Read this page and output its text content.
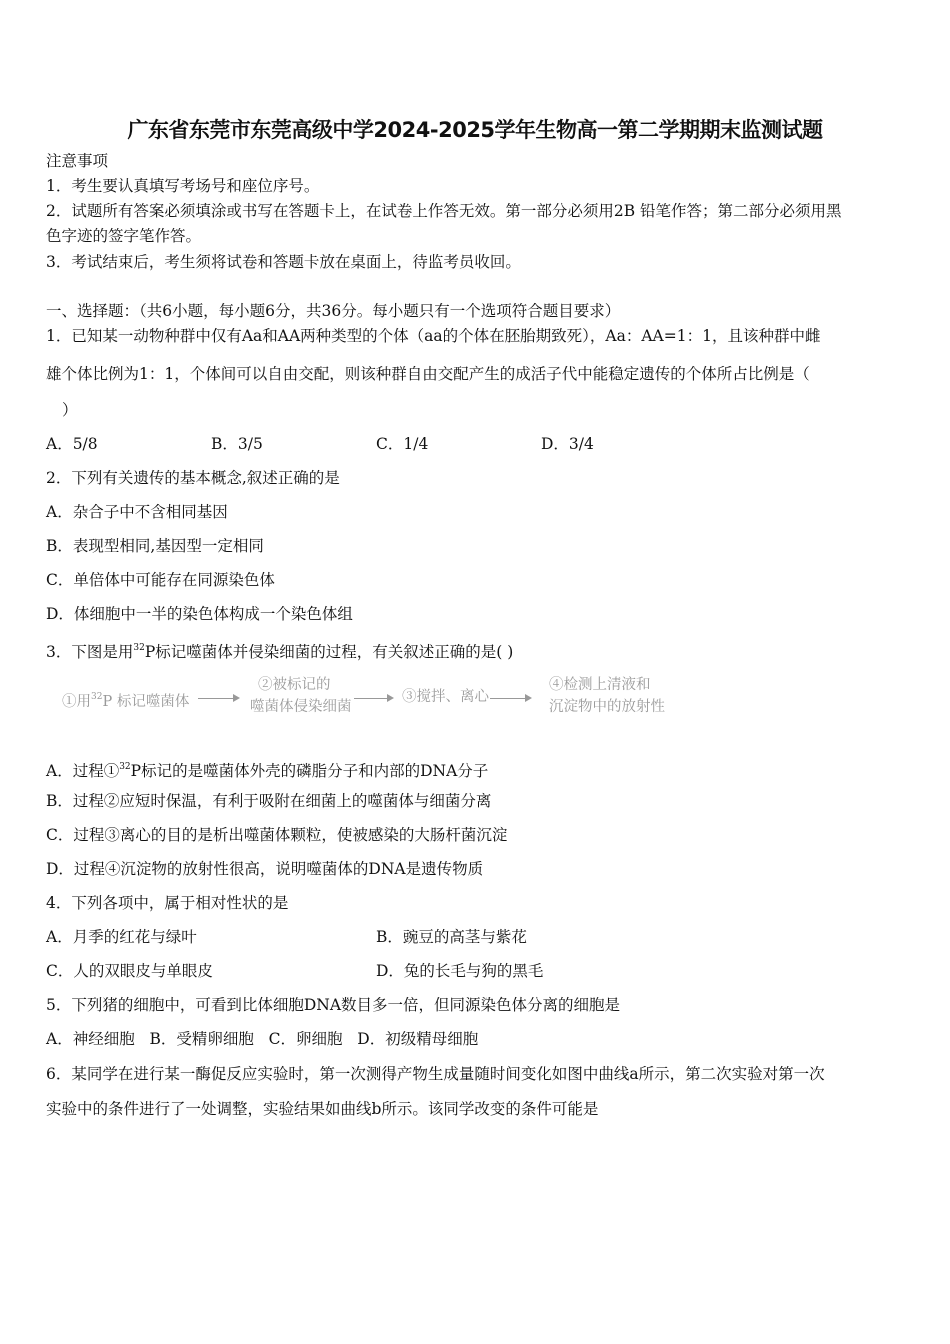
广东省东莞市东莞高级中学2024-2025学年生物高一第二学期期末监测试题
注意事项
1．考生要认真填写考场号和座位序号。
2．试题所有答案必须填涂或书写在答题卡上，在试卷上作答无效。第一部分必须用2B 铅笔作答；第二部分必须用黑
色字迹的签字笔作答。
3．考试结束后，考生须将试卷和答题卡放在桌面上，待监考员收回。
一、选择题：（共6小题，每小题6分，共36分。每小题只有一个选项符合题目要求）
1．已知某一动物种群中仅有Aa和AA两种类型的个体（aa的个体在胚胎期致死），Aa：AA=1：1，且该种群中雌
雄个体比例为1：1，个体间可以自由交配，则该种群自由交配产生的成活子代中能稳定遗传的个体所占比例是（
）
A．5/8	B．3/5	C．1/4	D．3/4
2．下列有关遗传的基本概念,叙述正确的是
A．杂合子中不含相同基因
B．表现型相同,基因型一定相同
C．单倍体中可能存在同源染色体
D．体细胞中一半的染色体构成一个染色体组
3．下图是用$^{32}$P标记噬菌体并侵染细菌的过程，有关叙述正确的是( )
①用$^{32}$P 标记噬菌体
②被标记的
噬菌体侵染细菌
③搅拌、离心
④检测上清液和
沉淀物中的放射性
A．过程①$^{32}$P标记的是噬菌体外壳的磷脂分子和内部的DNA分子
B．过程②应短时保温，有利于吸附在细菌上的噬菌体与细菌分离
C．过程③离心的目的是析出噬菌体颗粒，使被感染的大肠杆菌沉淀
D．过程④沉淀物的放射性很高，说明噬菌体的DNA是遗传物质
4．下列各项中，属于相对性状的是
A．月季的红花与绿叶	B．豌豆的高茎与紫花
C．人的双眼皮与单眼皮	D．兔的长毛与狗的黑毛
5．下列猪的细胞中，可看到比体细胞DNA数目多一倍，但同源染色体分离的细胞是
A．神经细胞   B．受精卵细胞   C．卵细胞   D．初级精母细胞
6．某同学在进行某一酶促反应实验时，第一次测得产物生成量随时间变化如图中曲线a所示，第二次实验对第一次
实验中的条件进行了一处调整，实验结果如曲线b所示。该同学改变的条件可能是
